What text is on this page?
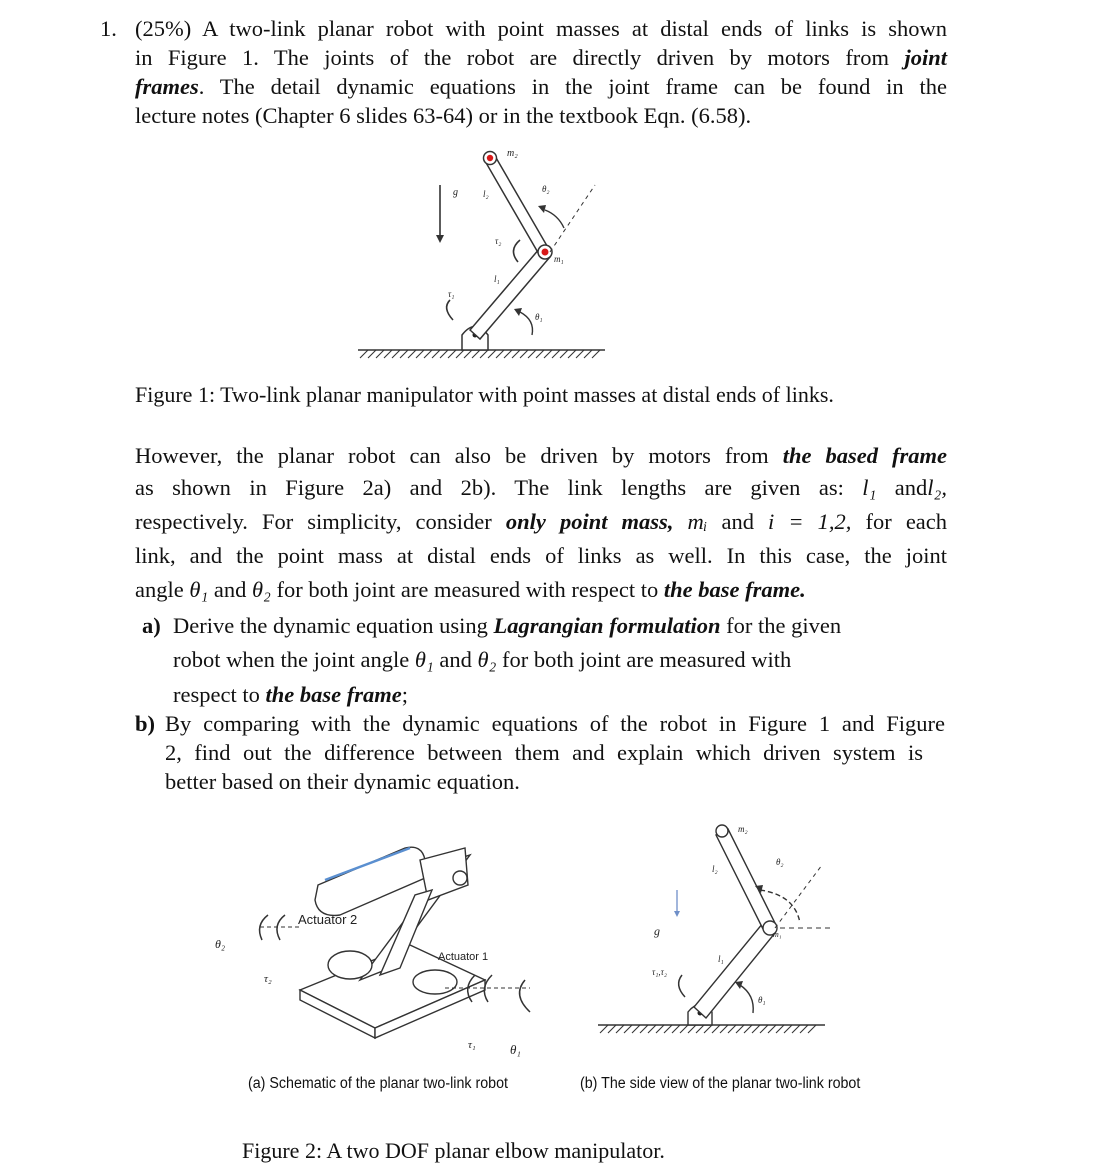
1. (25%) A two-link planar robot with point masses at distal ends of links is shown
in Figure 1. The joints of the robot are directly driven by motors from joint
frames. The detail dynamic equations in the joint frame can be found in the
lecture notes (Chapter 6 slides 63-64) or in the textbook Eqn. (6.58).
m₂
m₁
l₂
l₁
θ₂
θ₁
τ₂
τ₁
g
Figure 1: Two-link planar manipulator with point masses at distal ends of links.
However, the planar robot can also be driven by motors from the based frame
as shown in Figure 2a) and 2b). The link lengths are given as: l₁ andl₂,
respectively. For simplicity, consider only point mass, mᵢ and i = 1,2, for each
link, and the point mass at distal ends of links as well. In this case, the joint
angle θ₁ and θ₂ for both joint are measured with respect to the base frame.
a) Derive the dynamic equation using Lagrangian formulation for the given
robot when the joint angle θ₁ and θ₂ for both joint are measured with
respect to the base frame;
b) By comparing with the dynamic equations of the robot in Figure 1 and Figure
2, find out the difference between them and explain which driven system is
better based on their dynamic equation.
Actuator 2
Actuator 1
θ₂
τ₂
τ₁	θ₁
m₂
m₁
l₂
l₁
θ₂
θ₁
g
τ₁,τ₂
(a) Schematic of the planar two-link robot	(b) The side view of the planar two-link robot
Figure 2: A two DOF planar elbow manipulator.
